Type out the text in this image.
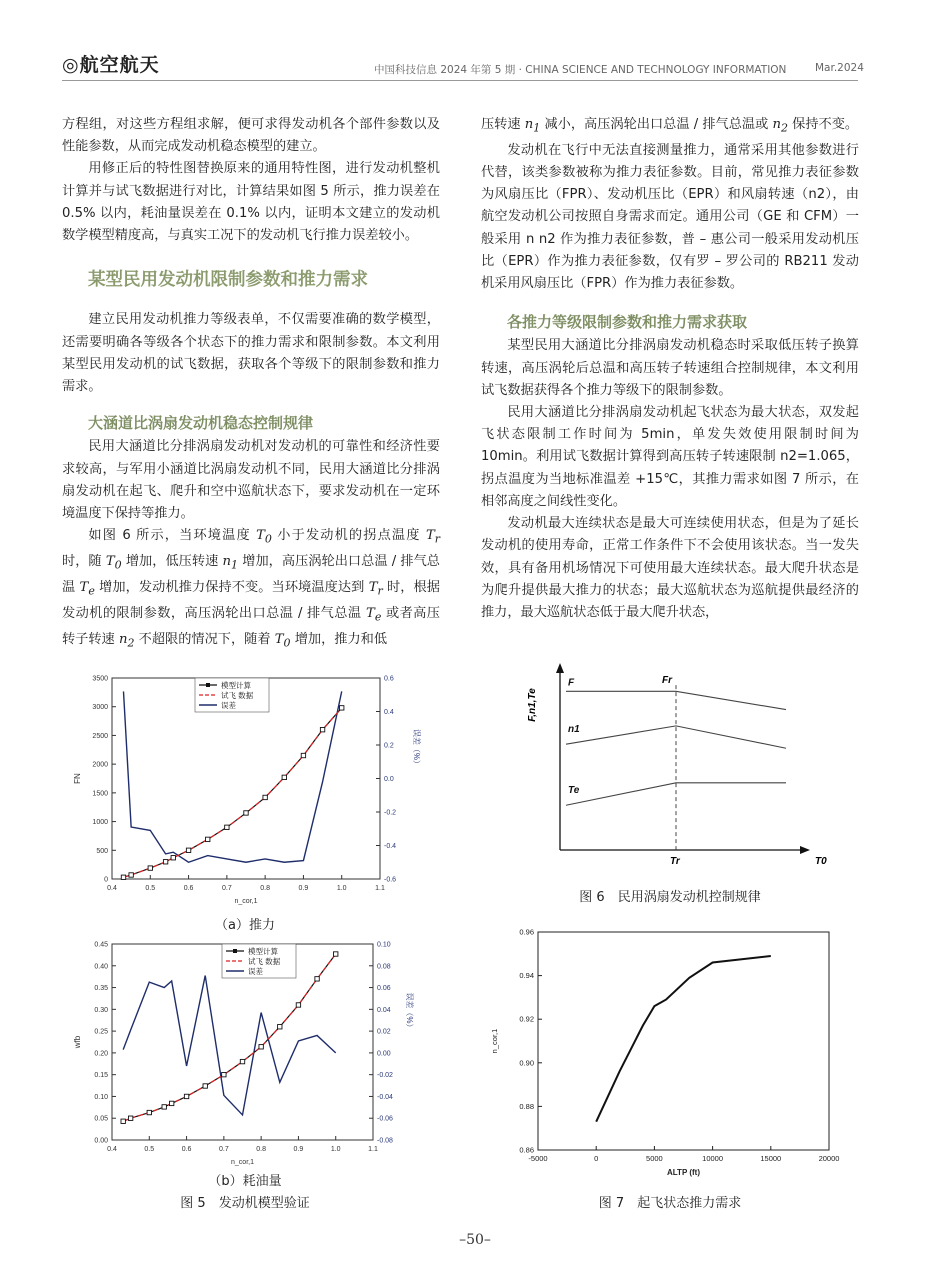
◎航空航天	中国科技信息 2024 年第 5 期 · CHINA SCIENCE AND TECHNOLOGY INFORMATION	Mar.2024

方程组，对这些方程组求解，便可求得发动机各个部件参数以及性能参数，从而完成发动机稳态模型的建立。

用修正后的特性图替换原来的通用特性图，进行发动机整机计算并与试飞数据进行对比，计算结果如图 5 所示，推力误差在 0.5% 以内，耗油量误差在 0.1% 以内，证明本文建立的发动机数学模型精度高，与真实工况下的发动机飞行推力误差较小。

某型民用发动机限制参数和推力需求

建立民用发动机推力等级表单，不仅需要准确的数学模型，还需要明确各等级各个状态下的推力需求和限制参数。本文利用某型民用发动机的试飞数据，获取各个等级下的限制参数和推力需求。

大涵道比涡扇发动机稳态控制规律

民用大涵道比分排涡扇发动机对发动机的可靠性和经济性要求较高，与军用小涵道比涡扇发动机不同，民用大涵道比分排涡扇发动机在起飞、爬升和空中巡航状态下，要求发动机在一定环境温度下保持等推力。

如图 6 所示，当环境温度 $T_0$ 小于发动机的拐点温度 $T_r$ 时，随 $T_0$ 增加，低压转速 $n_1$ 增加，高压涡轮出口总温 / 排气总温 $T_e$ 增加，发动机推力保持不变。当环境温度达到 $T_r$ 时，根据发动机的限制参数，高压涡轮出口总温 / 排气总温 $T_e$ 或者高压转子转速 $n_2$ 不超限的情况下，随着 $T_0$ 增加，推力和低

压转速 $n_1$ 减小，高压涡轮出口总温 / 排气总温或 $n_2$ 保持不变。

发动机在飞行中无法直接测量推力，通常采用其他参数进行代替，该类参数被称为推力表征参数。目前，常见推力表征参数为风扇压比（FPR）、发动机压比（EPR）和风扇转速（n2），由航空发动机公司按照自身需求而定。通用公司（GE 和 CFM）一般采用 n n2 作为推力表征参数，普 – 惠公司一般采用发动机压比（EPR）作为推力表征参数，仅有罗 – 罗公司的 RB211 发动机采用风扇压比（FPR）作为推力表征参数。

各推力等级限制参数和推力需求获取

某型民用大涵道比分排涡扇发动机稳态时采取低压转子换算转速，高压涡轮后总温和高压转子转速组合控制规律，本文利用试飞数据获得各个推力等级下的限制参数。

民用大涵道比分排涡扇发动机起飞状态为最大状态，双发起飞状态限制工作时间为 5min，单发失效使用限制时间为 10min。利用试飞数据计算得到高压转子转速限制 n2=1.065，拐点温度为当地标准温差 +15℃，其推力需求如图 7 所示，在相邻高度之间线性变化。

发动机最大连续状态是最大可连续使用状态，但是为了延长发动机的使用寿命，正常工作条件下不会使用该状态。当一发失效，具有备用机场情况下可使用最大连续状态。最大爬升状态是为爬升提供最大推力的状态；最大巡航状态为巡航提供最经济的推力，最大巡航状态低于最大爬升状态，

0.4	0.5	0.6	0.7	0.8	0.9	1.0	1.1
0
500
1000
1500
2000
2500
3000
3500
-0.6
-0.4
-0.2
0.0
0.2
0.4
0.6
n_cor,1
FN
误差（%）
模型计算
试飞 数据
误差
（a）推力
0.4	0.5	0.6	0.7	0.8	0.9	1.0	1.1
0.00
0.05
0.10
0.15
0.20
0.25
0.30
0.35
0.40
0.45
-0.08
-0.06
-0.04
-0.02
0.00
0.02
0.04
0.06
0.08
0.10
n_cor,1
wfb
误差（%）
模型计算
试飞 数据
误差
（b）耗油量
图 5　发动机模型验证
F,n1,Te
T0
F
n1
Te
Fr
Tr
图 6　民用涡扇发动机控制规律
-5000	0	5000	10000	15000	20000
0.86
0.88
0.90
0.92
0.94
0.96
ALTP (ft)
n_cor,1
图 7　起飞状态推力需求
–50–
